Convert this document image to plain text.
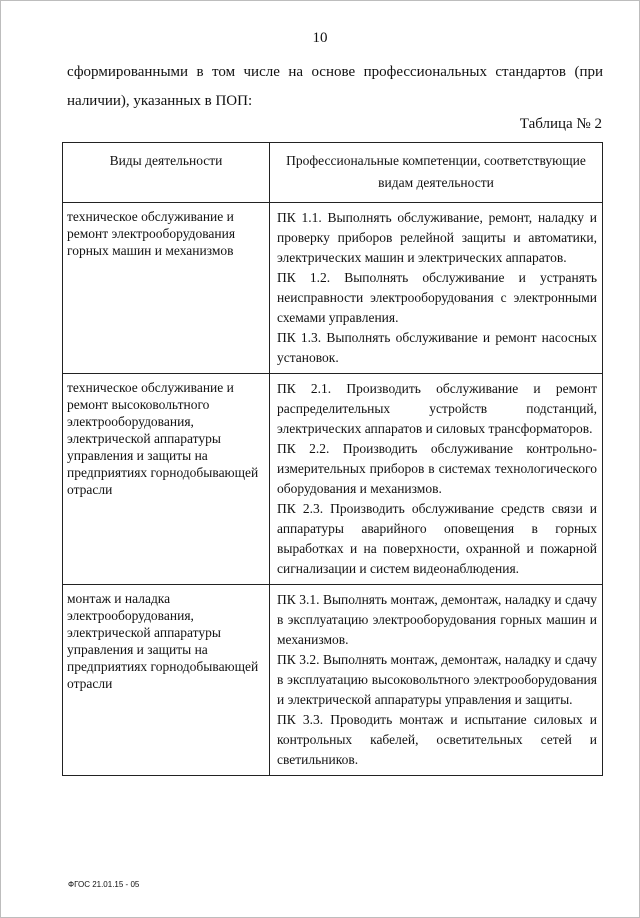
10
сформированными в том числе на основе профессиональных стандартов (при наличии), указанных в ПОП:
Таблица № 2
Виды деятельности	Профессиональные компетенции, соответствующие видам деятельности
техническое обслуживание и ремонт электрооборудования горных машин и механизмов	ПК 1.1. Выполнять обслуживание, ремонт, наладку и проверку приборов релейной защиты и автоматики, электрических машин и электрических аппаратов.

ПК 1.2. Выполнять обслуживание и устранять неисправности электрооборудования с электронными схемами управления.

ПК 1.3. Выполнять обслуживание и ремонт насосных установок.

техническое обслуживание и ремонт высоковольтного электрооборудования, электрической аппаратуры управления и защиты на предприятиях горнодобывающей отрасли	ПК 2.1. Производить обслуживание и ремонт распределительных устройств подстанций, электрических аппаратов и силовых трансформаторов.

ПК 2.2. Производить обслуживание контрольно-измерительных приборов в системах технологического оборудования и механизмов.

ПК 2.3. Производить обслуживание средств связи и аппаратуры аварийного оповещения в горных выработках и на поверхности, охранной и пожарной сигнализации и систем видеонаблюдения.

монтаж и наладка электрооборудования, электрической аппаратуры управления и защиты на предприятиях горнодобывающей отрасли	ПК 3.1. Выполнять монтаж, демонтаж, наладку и сдачу в эксплуатацию электрооборудования горных машин и механизмов.

ПК 3.2. Выполнять монтаж, демонтаж, наладку и сдачу в эксплуатацию высоковольтного электрооборудования и электрической аппаратуры управления и защиты.

ПК 3.3. Проводить монтаж и испытание силовых и контрольных кабелей, осветительных сетей и светильников.

ФГОС 21.01.15 - 05
